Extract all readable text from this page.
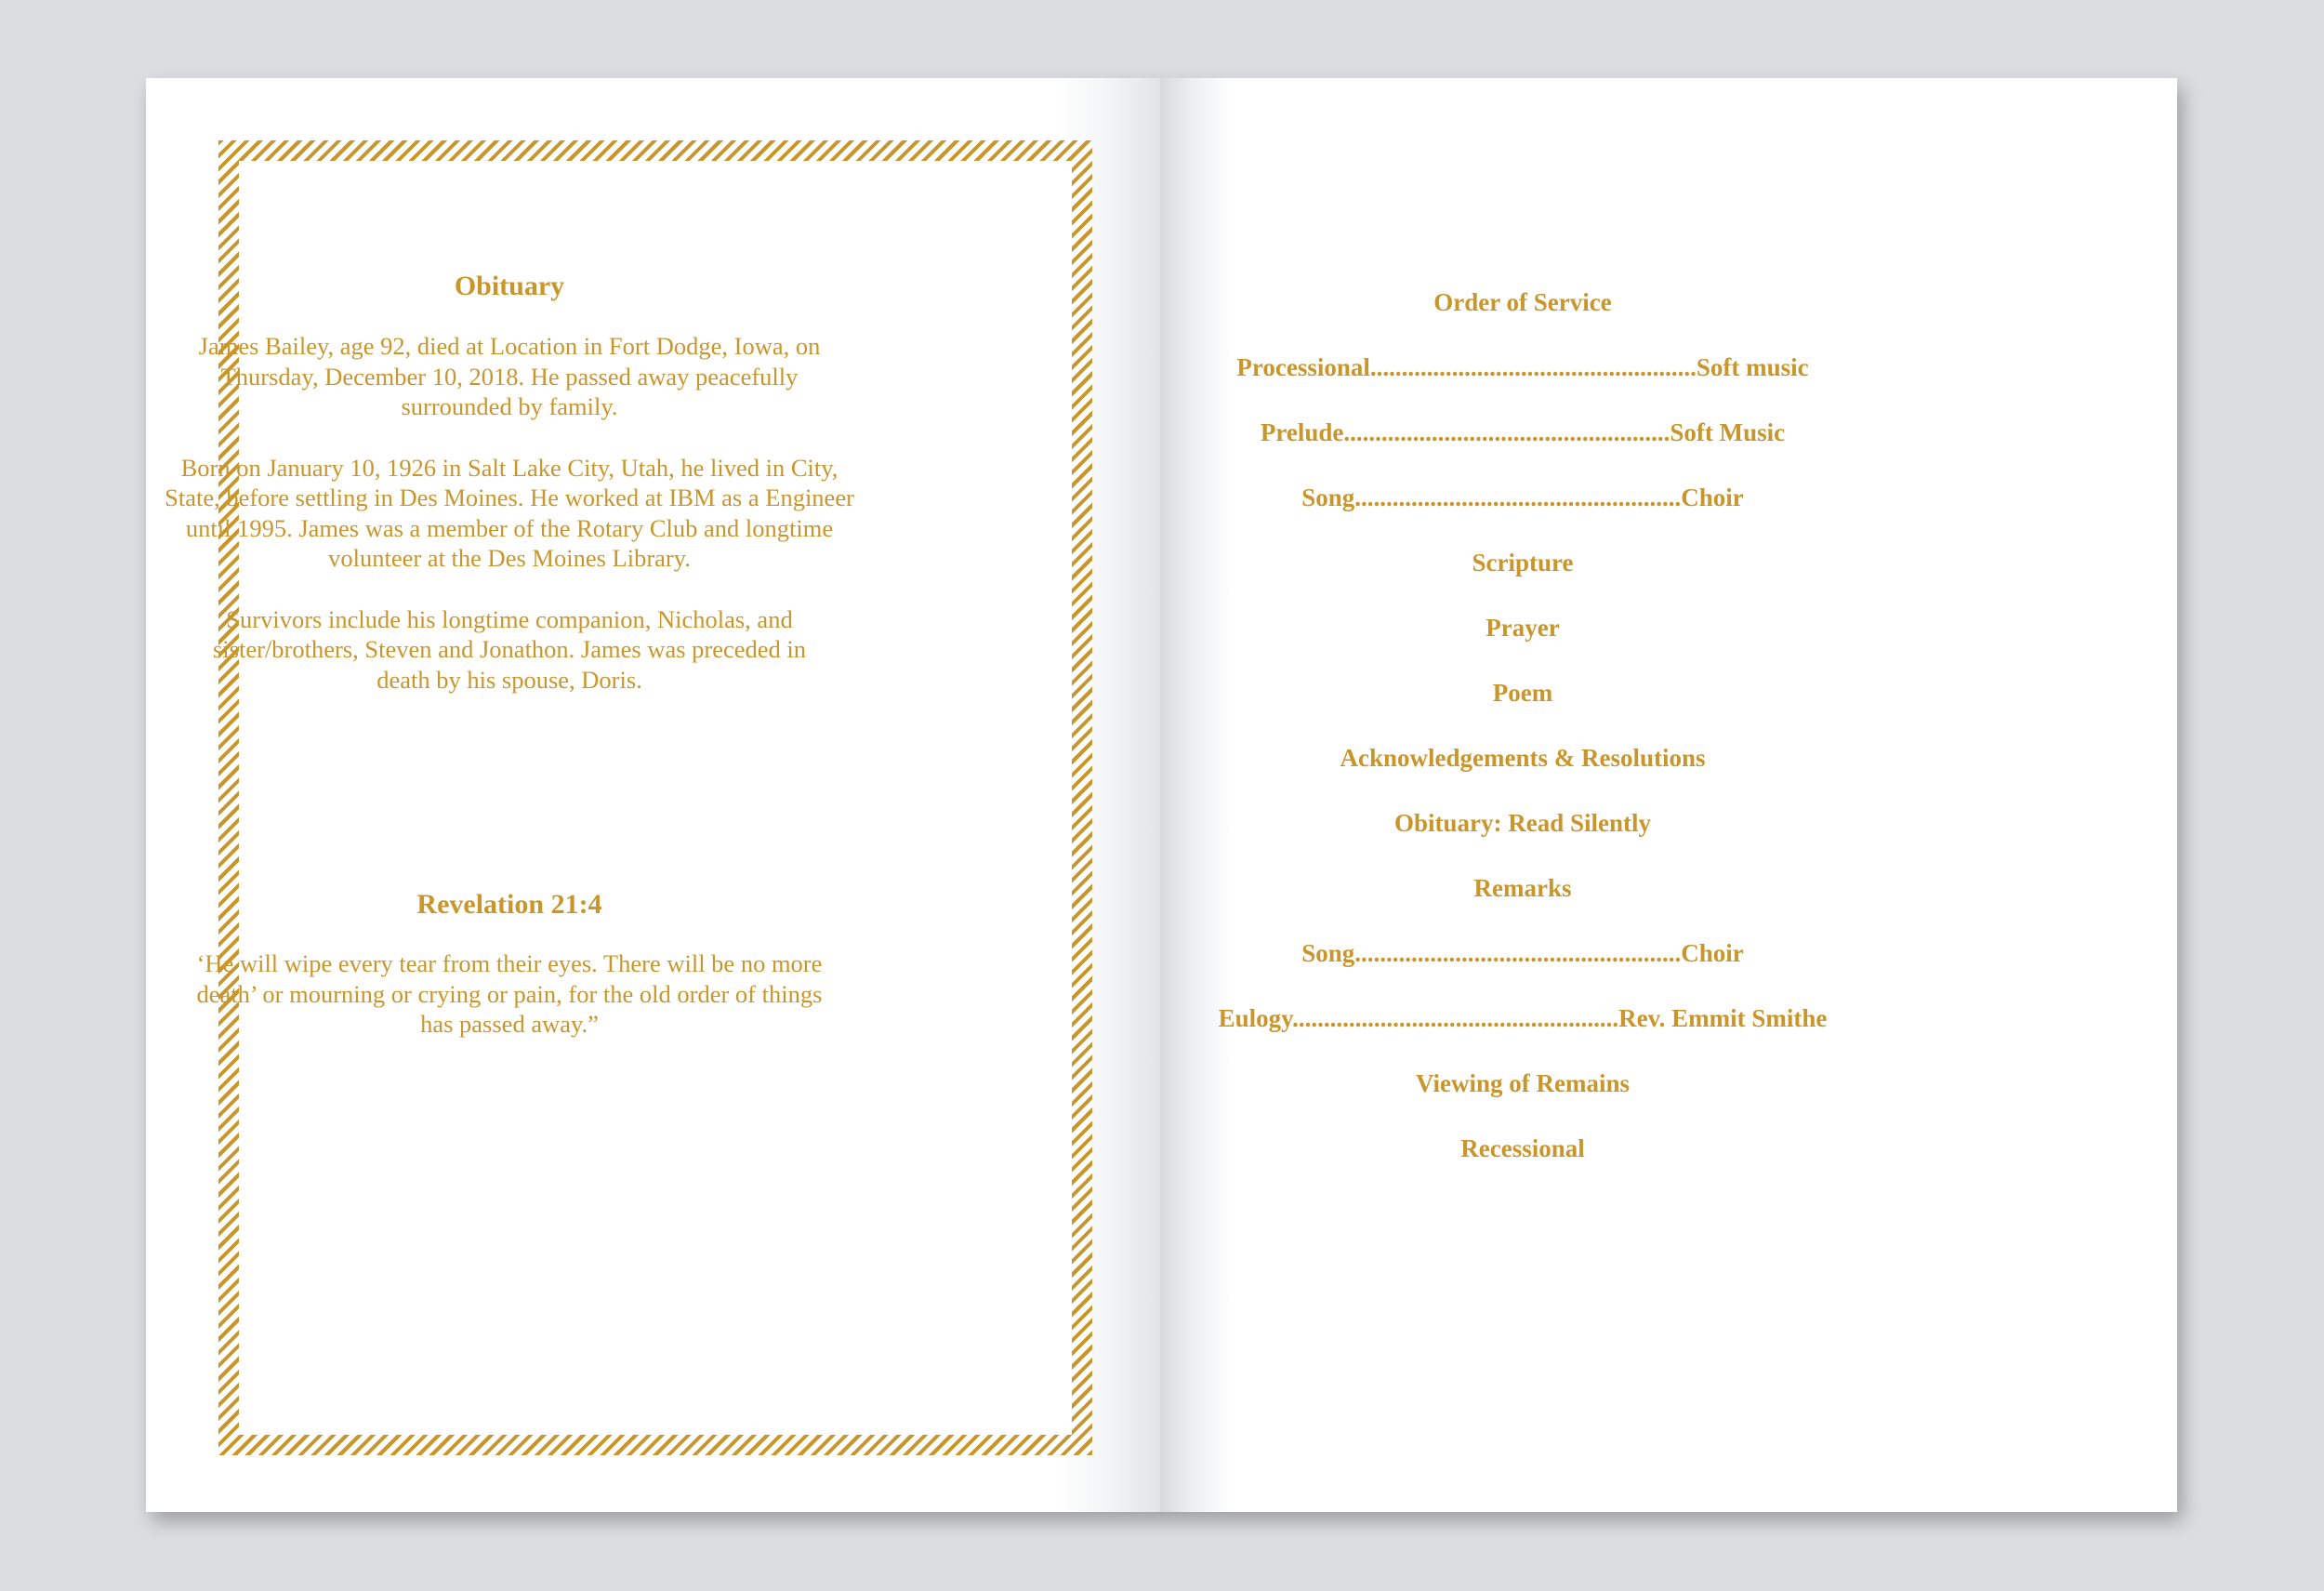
Obituary

James Bailey, age 92, died at Location in Fort Dodge, Iowa, on
Thursday, December 10, 2018. He passed away peacefully
surrounded by family.

Born on January 10, 1926 in Salt Lake City, Utah, he lived in City,
State, before settling in Des Moines. He worked at IBM as a Engineer
until 1995. James was a member of the Rotary Club and longtime
volunteer at the Des Moines Library.

Survivors include his longtime companion, Nicholas, and
sister/brothers, Steven and Jonathon. James was preceded in
death by his spouse, Doris.

Revelation 21:4

‘He will wipe every tear from their eyes. There will be no more
death’ or mourning or crying or pain, for the old order of things
has passed away.”

Order of Service
Processional....................................................Soft music
Prelude....................................................Soft Music
Song....................................................Choir
Scripture
Prayer
Poem
Acknowledgements & Resolutions
Obituary: Read Silently
Remarks
Song....................................................Choir
Eulogy....................................................Rev. Emmit Smithe
Viewing of Remains
Recessional
